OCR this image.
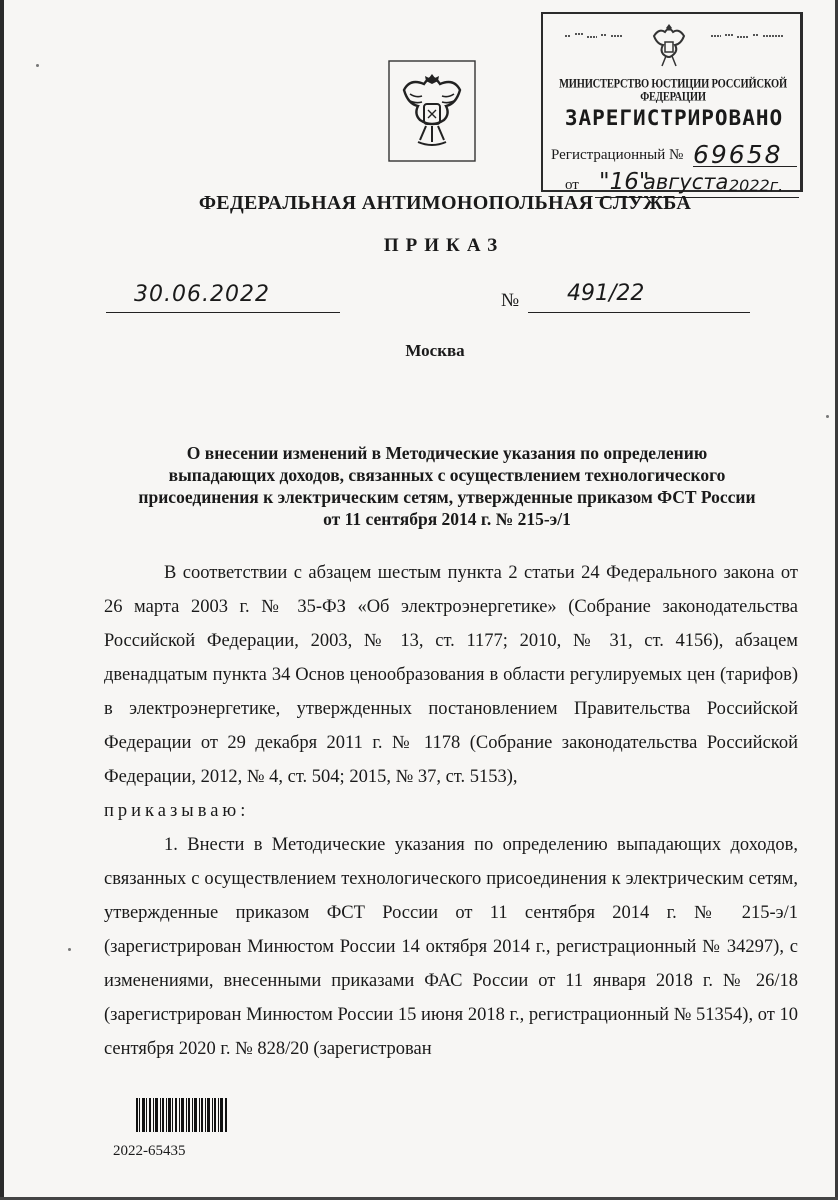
МИНИСТЕРСТВО ЮСТИЦИИ РОССИЙСКОЙ ФЕДЕРАЦИИ
ЗАРЕГИСТРИРОВАНО
Регистрационный № 69658
от "16"
августа 2022г.
ФЕДЕРАЛЬНАЯ АНТИМОНОПОЛЬНАЯ СЛУЖБА
ПРИКАЗ
30.06.2022	№ 491/22
Москва
О внесении изменений в Методические указания по определению
выпадающих доходов, связанных с осуществлением технологического
присоединения к электрическим сетям, утвержденные приказом ФСТ России
от 11 сентября 2014 г. № 215-э/1

В соответствии с абзацем шестым пункта 2 статьи 24 Федерального закона от 26 марта 2003 г. № 35-ФЗ «Об электроэнергетике» (Собрание законодательства Российской Федерации, 2003, № 13, ст. 1177; 2010, № 31, ст. 4156), абзацем двенадцатым пункта 34 Основ ценообразования в области регулируемых цен (тарифов) в электроэнергетике, утвержденных постановлением Правительства Российской Федерации от 29 декабря 2011 г. № 1178 (Собрание законодательства Российской Федерации, 2012, № 4, ст. 504; 2015, № 37, ст. 5153),

приказываю:

1. Внести в Методические указания по определению выпадающих доходов, связанных с осуществлением технологического присоединения к электрическим сетям, утвержденные приказом ФСТ России от 11 сентября 2014 г. № 215-э/1 (зарегистрирован Минюстом России 14 октября 2014 г., регистрационный № 34297), с изменениями, внесенными приказами ФАС России от 11 января 2018 г. № 26/18 (зарегистрирован Минюстом России 15 июня 2018 г., регистрационный № 51354), от 10 сентября 2020 г. № 828/20 (зарегистрован

2022-65435
